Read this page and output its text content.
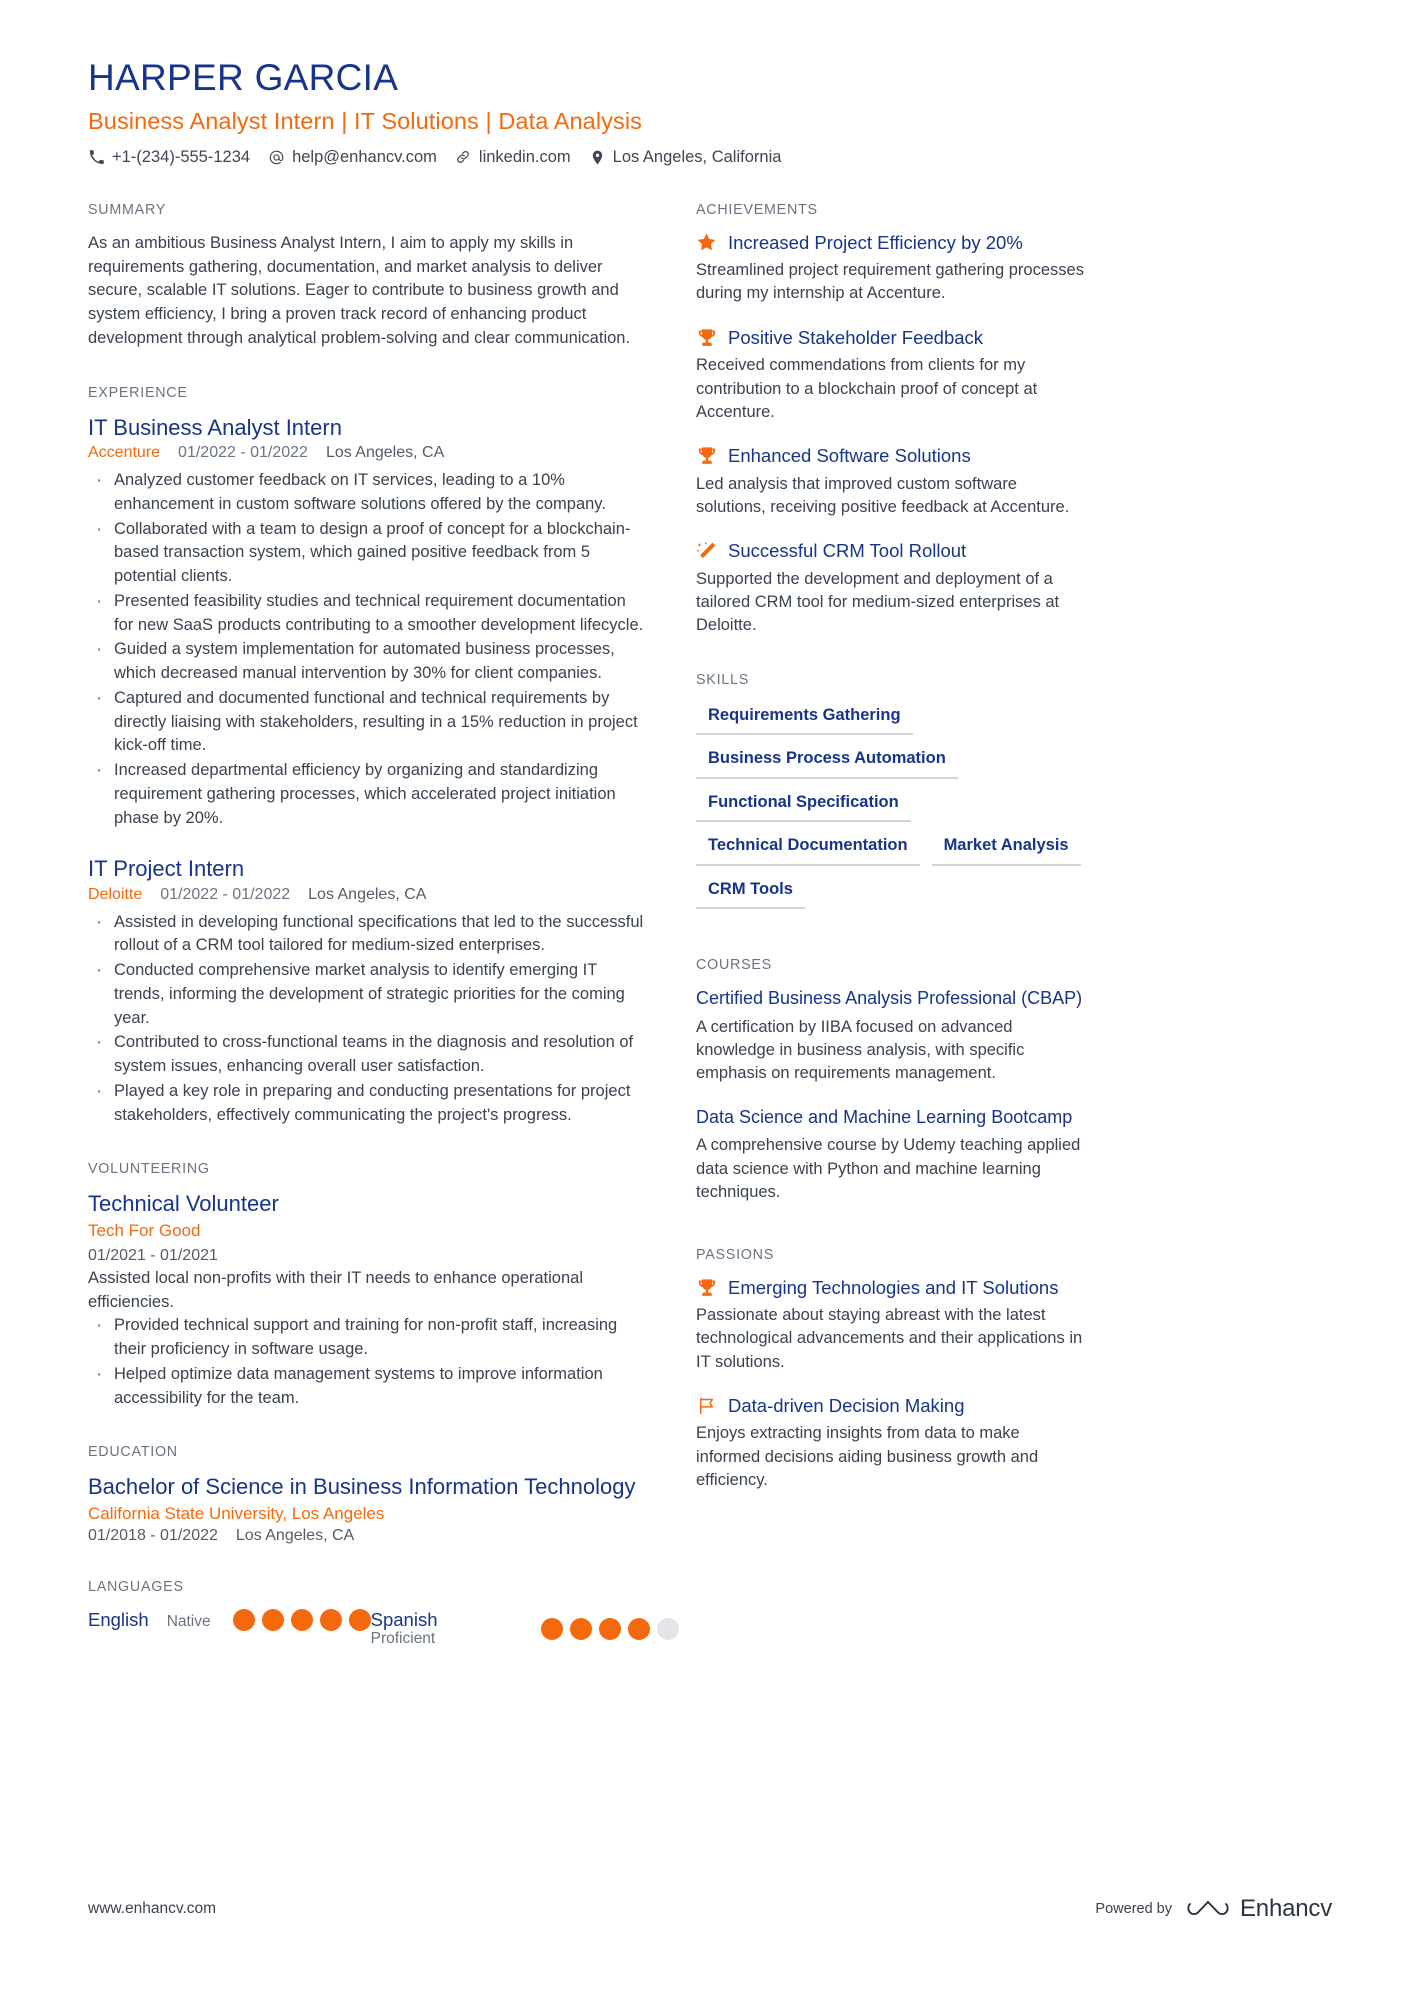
HARPER GARCIA
Business Analyst Intern | IT Solutions | Data Analysis
+1-(234)-555-1234	help@enhancv.com	linkedin.com	Los Angeles, California
SUMMARY

As an ambitious Business Analyst Intern, I aim to apply my skills in requirements gathering, documentation, and market analysis to deliver secure, scalable IT solutions. Eager to contribute to business growth and system efficiency, I bring a proven track record of enhancing product development through analytical problem-solving and clear communication.

EXPERIENCE
IT Business Analyst Intern
Accenture 01/2022 - 01/2022 Los Angeles, CA
· Analyzed customer feedback on IT services, leading to a 10% enhancement in custom software solutions offered by the company.
· Collaborated with a team to design a proof of concept for a blockchain-based transaction system, which gained positive feedback from 5 potential clients.
· Presented feasibility studies and technical requirement documentation for new SaaS products contributing to a smoother development lifecycle.
· Guided a system implementation for automated business processes, which decreased manual intervention by 30% for client companies.
· Captured and documented functional and technical requirements by directly liaising with stakeholders, resulting in a 15% reduction in project kick-off time.
· Increased departmental efficiency by organizing and standardizing requirement gathering processes, which accelerated project initiation phase by 20%.
IT Project Intern
Deloitte 01/2022 - 01/2022 Los Angeles, CA
· Assisted in developing functional specifications that led to the successful rollout of a CRM tool tailored for medium-sized enterprises.
· Conducted comprehensive market analysis to identify emerging IT trends, informing the development of strategic priorities for the coming year.
· Contributed to cross-functional teams in the diagnosis and resolution of system issues, enhancing overall user satisfaction.
· Played a key role in preparing and conducting presentations for project stakeholders, effectively communicating the project's progress.
VOLUNTEERING
Technical Volunteer
Tech For Good
01/2021 - 01/2021

Assisted local non-profits with their IT needs to enhance operational efficiencies.

· Provided technical support and training for non-profit staff, increasing their proficiency in software usage.
· Helped optimize data management systems to improve information accessibility for the team.
EDUCATION
Bachelor of Science in Business Information Technology
California State University, Los Angeles
01/2018 - 01/2022 Los Angeles, CA
LANGUAGES
English Native	Spanish
Proficient
ACHIEVEMENTS
Increased Project Efficiency by 20%

Streamlined project requirement gathering processes during my internship at Accenture.

Positive Stakeholder Feedback

Received commendations from clients for my contribution to a blockchain proof of concept at Accenture.

Enhanced Software Solutions

Led analysis that improved custom software solutions, receiving positive feedback at Accenture.

Successful CRM Tool Rollout

Supported the development and deployment of a tailored CRM tool for medium-sized enterprises at Deloitte.

SKILLS
Requirements Gathering
Business Process Automation
Functional Specification
Technical Documentation	Market Analysis
CRM Tools
COURSES
Certified Business Analysis Professional (CBAP)

A certification by IIBA focused on advanced knowledge in business analysis, with specific emphasis on requirements management.

Data Science and Machine Learning Bootcamp

A comprehensive course by Udemy teaching applied data science with Python and machine learning techniques.

PASSIONS
Emerging Technologies and IT Solutions

Passionate about staying abreast with the latest technological advancements and their applications in IT solutions.

Data-driven Decision Making

Enjoys extracting insights from data to make informed decisions aiding business growth and efficiency.

www.enhancv.com	Powered by	Enhancv
